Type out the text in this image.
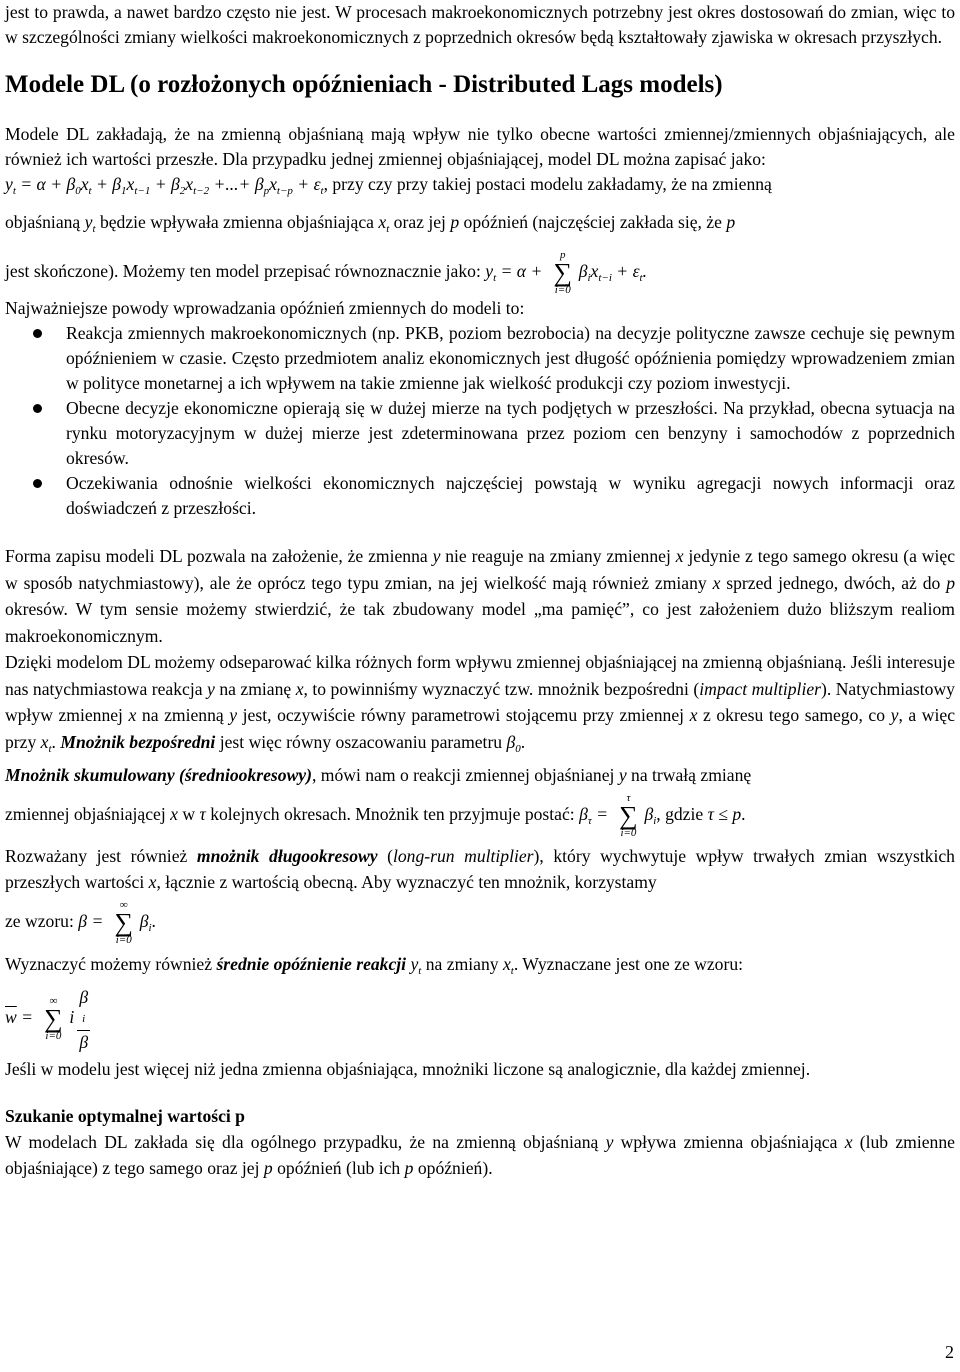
jest to prawda, a nawet bardzo często nie jest. W procesach makroekonomicznych potrzebny jest okres dostosowań do zmian, więc to w szczególności zmiany wielkości makroekonomicznych z poprzednich okresów będą kształtowały zjawiska w okresach przyszłych.

Modele DL (o rozłożonych opóźnieniach - Distributed Lags models)

Modele DL zakładają, że na zmienną objaśnianą mają wpływ nie tylko obecne wartości zmiennej/zmiennych objaśniających, ale również ich wartości przeszłe. Dla przypadku jednej zmiennej objaśniającej, model DL można zapisać jako:
$y_t = \alpha + \beta_0x_t + \beta_1x_{t-1} + \beta_2x_{t-2}$ +...+ $\beta_px_{t-p} + \varepsilon_t$, przy czy przy takiej postaci modelu zakładamy, że na zmienną

objaśnianą $y_t$ będzie wpływała zmienna objaśniająca $x_t$ oraz jej p opóźnień (najczęściej zakłada się, że p

jest skończone). Możemy ten model przepisać równoznacznie jako: $y_t = \alpha$ +
p
∑
i=0
$\beta_ix_{t-i} + \varepsilon_t$.

Najważniejsze powody wprowadzania opóźnień zmiennych do modeli to:

Reakcja zmiennych makroekonomicznych (np. PKB, poziom bezrobocia) na decyzje polityczne zawsze cechuje się pewnym opóźnieniem w czasie. Często przedmiotem analiz ekonomicznych jest długość opóźnienia pomiędzy wprowadzeniem zmian w polityce monetarnej a ich wpływem na takie zmienne jak wielkość produkcji czy poziom inwestycji.
Obecne decyzje ekonomiczne opierają się w dużej mierze na tych podjętych w przeszłości. Na przykład, obecna sytuacja na rynku motoryzacyjnym w dużej mierze jest zdeterminowana przez poziom cen benzyny i samochodów z poprzednich okresów.
Oczekiwania odnośnie wielkości ekonomicznych najczęściej powstają w wyniku agregacji nowych informacji oraz doświadczeń z przeszłości.

Forma zapisu modeli DL pozwala na założenie, że zmienna y nie reaguje na zmiany zmiennej x jedynie z tego samego okresu (a więc w sposób natychmiastowy), ale że oprócz tego typu zmian, na jej wielkość mają również zmiany x sprzed jednego, dwóch, aż do p okresów. W tym sensie możemy stwierdzić, że tak zbudowany model „ma pamięć”, co jest założeniem dużo bliższym realiom makroekonomicznym.

Dzięki modelom DL możemy odseparować kilka różnych form wpływu zmiennej objaśniającej na zmienną objaśnianą. Jeśli interesuje nas natychmiastowa reakcja y na zmianę x, to powinniśmy wyznaczyć tzw. mnożnik bezpośredni (impact multiplier). Natychmiastowy wpływ zmiennej x na zmienną y jest, oczywiście równy parametrowi stojącemu przy zmiennej x z okresu tego samego, co y, a więc przy $x_t$. Mnożnik bezpośredni jest więc równy oszacowaniu parametru $\beta_0$.

Mnożnik skumulowany (średniookresowy), mówi nam o reakcji zmiennej objaśnianej y na trwałą zmianę

zmiennej objaśniającej x w τ kolejnych okresach. Mnożnik ten przyjmuje postać: $\beta_\tau$ =
τ
∑
i=0
$\beta_i$, gdzie τ ≤ p.

Rozważany jest również mnożnik długookresowy (long-run multiplier), który wychwytuje wpływ trwałych zmian wszystkich przeszłych wartości x, łącznie z wartością obecną. Aby wyznaczyć ten mnożnik, korzystamy

ze wzoru: β =
∞
∑
i=0
$\beta_i$.

Wyznaczyć możemy również średnie opóźnienie reakcji $y_t$ na zmiany $x_t$. Wyznaczane jest one ze wzoru:

$\overline{w}$ =
∞
∑
i=0
i β
i
β

Jeśli w modelu jest więcej niż jedna zmienna objaśniająca, mnożniki liczone są analogicznie, dla każdej zmiennej.

Szukanie optymalnej wartości p

W modelach DL zakłada się dla ogólnego przypadku, że na zmienną objaśnianą y wpływa zmienna objaśniająca x (lub zmienne objaśniające) z tego samego oraz jej p opóźnień (lub ich p opóźnień).

2
